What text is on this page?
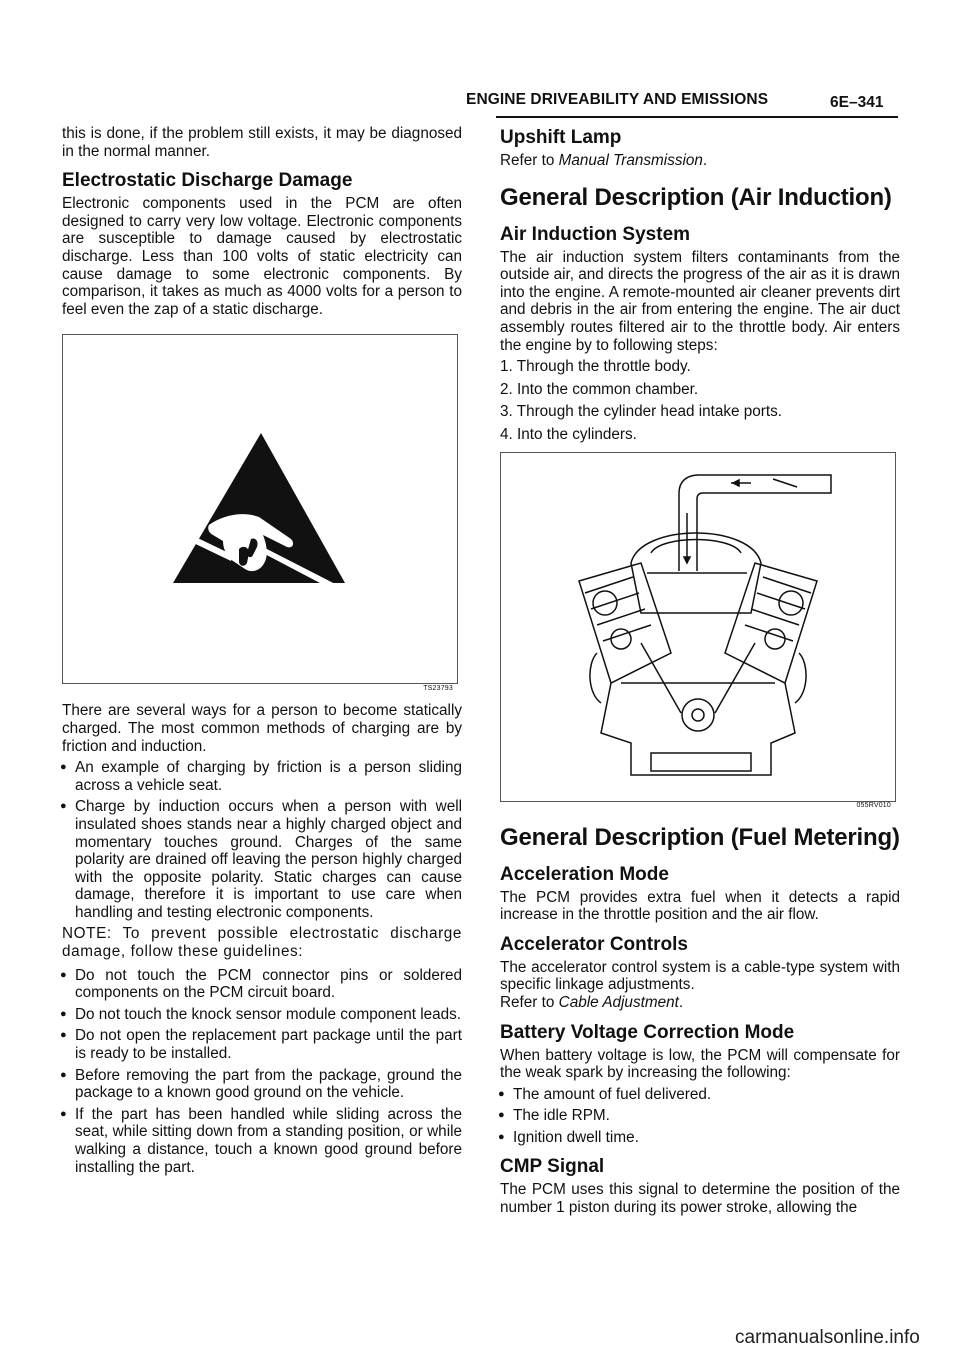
ENGINE DRIVEABILITY AND EMISSIONS	6E–341

this is done, if the problem still exists, it may be diagnosed in the normal manner.

Electrostatic Discharge Damage

Electronic components used in the PCM are often designed to carry very low voltage. Electronic components are susceptible to damage caused by electrostatic discharge. Less than 100 volts of static electricity can cause damage to some electronic components. By comparison, it takes as much as 4000 volts for a person to feel even the zap of a static discharge.

TS23793

There are several ways for a person to become statically charged. The most common methods of charging are by friction and induction.

● An example of charging by friction is a person sliding across a vehicle seat.
● Charge by induction occurs when a person with well insulated shoes stands near a highly charged object and momentary touches ground. Charges of the same polarity are drained off leaving the person highly charged with the opposite polarity. Static charges can cause damage, therefore it is important to use care when handling and testing electronic components.

NOTE: To prevent possible electrostatic discharge damage, follow these guidelines:

● Do not touch the PCM connector pins or soldered components on the PCM circuit board.
● Do not touch the knock sensor module component leads.
● Do not open the replacement part package until the part is ready to be installed.
● Before removing the part from the package, ground the package to a known good ground on the vehicle.
● If the part has been handled while sliding across the seat, while sitting down from a standing position, or while walking a distance, touch a known good ground before installing the part.
Upshift Lamp

Refer to Manual Transmission.

General Description (Air Induction)
Air Induction System

The air induction system filters contaminants from the outside air, and directs the progress of the air as it is drawn into the engine. A remote-mounted air cleaner prevents dirt and debris in the air from entering the engine. The air duct assembly routes filtered air to the throttle body. Air enters the engine by to following steps:

1. Through the throttle body.
2. Into the common chamber.
3. Through the cylinder head intake ports.
4. Into the cylinders.
055RV010
General Description (Fuel Metering)
Acceleration Mode

The PCM provides extra fuel when it detects a rapid increase in the throttle position and the air flow.

Accelerator Controls

The accelerator control system is a cable-type system with specific linkage adjustments.

Refer to Cable Adjustment.

Battery Voltage Correction Mode

When battery voltage is low, the PCM will compensate for the weak spark by increasing the following:

● The amount of fuel delivered.
● The idle RPM.
● Ignition dwell time.
CMP Signal

The PCM uses this signal to determine the position of the number 1 piston during its power stroke, allowing the

carmanualsonline.info
